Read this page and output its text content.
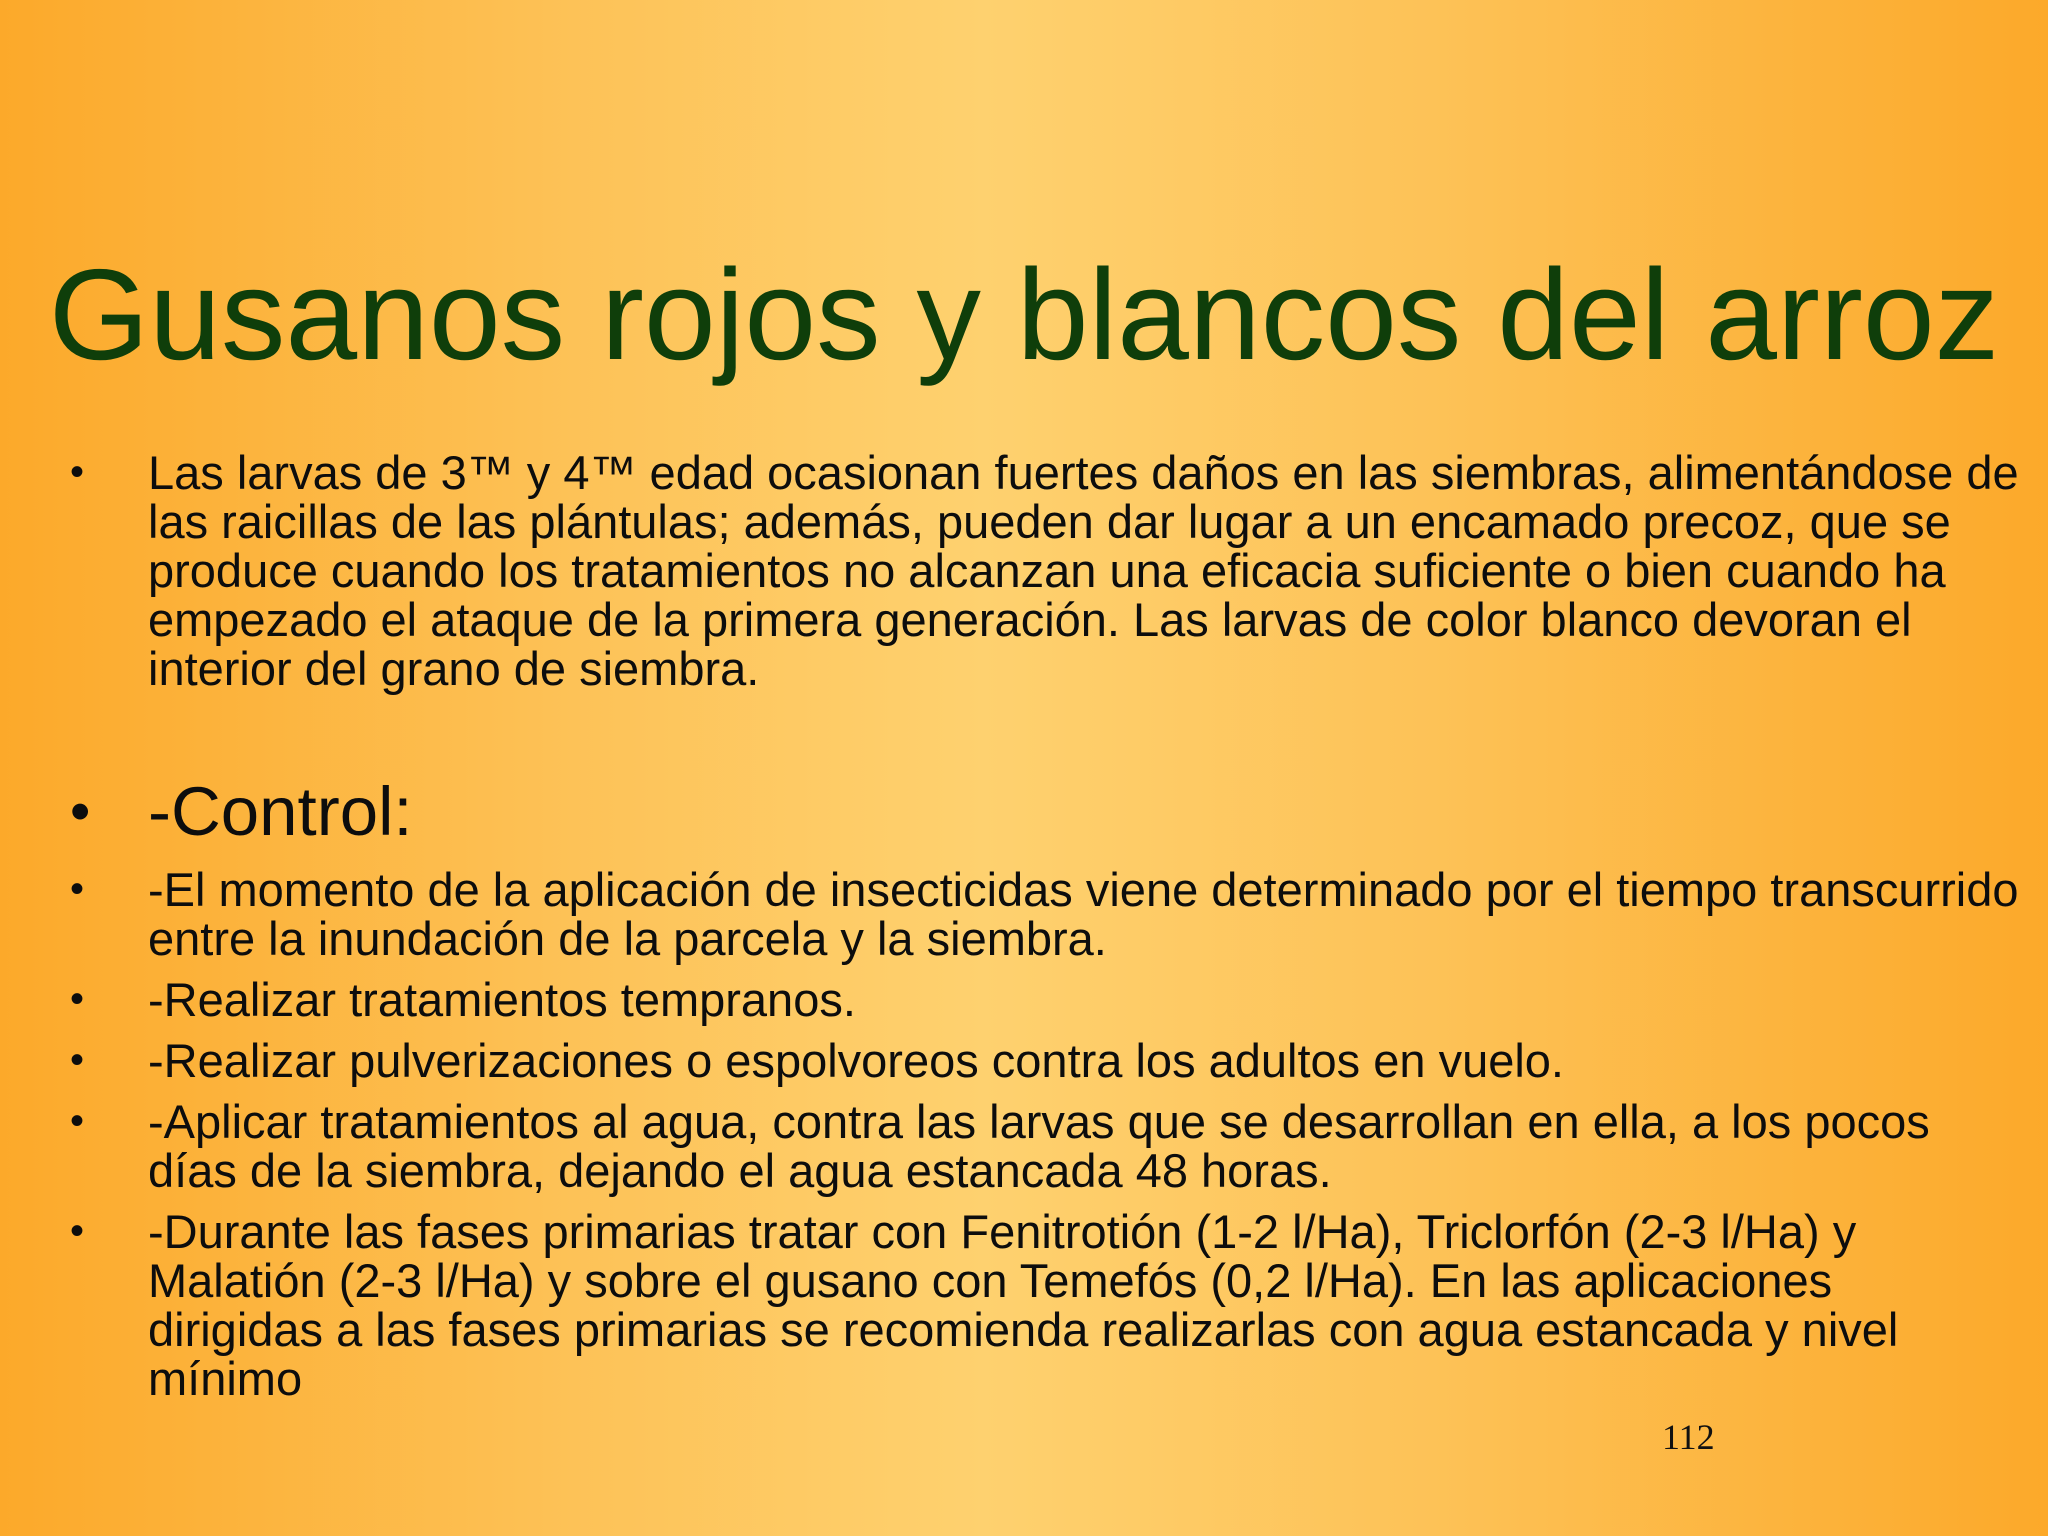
Gusanos rojos y blancos del arroz
•	Las larvas de 3™ y 4™ edad ocasionan fuertes daños en las siembras, alimentándose de las raicillas de las plántulas; además, pueden dar lugar a un encamado precoz, que se produce cuando los tratamientos no alcanzan una eficacia suficiente o bien cuando ha empezado el ataque de la primera generación. Las larvas de color blanco devoran el interior del grano de siembra.
• -Control:
•	-El momento de la aplicación de insecticidas viene determinado por el tiempo transcurrido entre la inundación de la parcela y la siembra.
•	-Realizar tratamientos tempranos.
•	-Realizar pulverizaciones o espolvoreos contra los adultos en vuelo.
•	-Aplicar tratamientos al agua, contra las larvas que se desarrollan en ella, a los pocos días de la siembra, dejando el agua estancada 48 horas.
•	-Durante las fases primarias tratar con Fenitrotión (1-2 l/Ha), Triclorfón (2-3 l/Ha) y Malatión (2-3 l/Ha) y sobre el gusano con Temefós (0,2 l/Ha). En las aplicaciones dirigidas a las fases primarias se recomienda realizarlas con agua estancada y nivel mínimo
112
